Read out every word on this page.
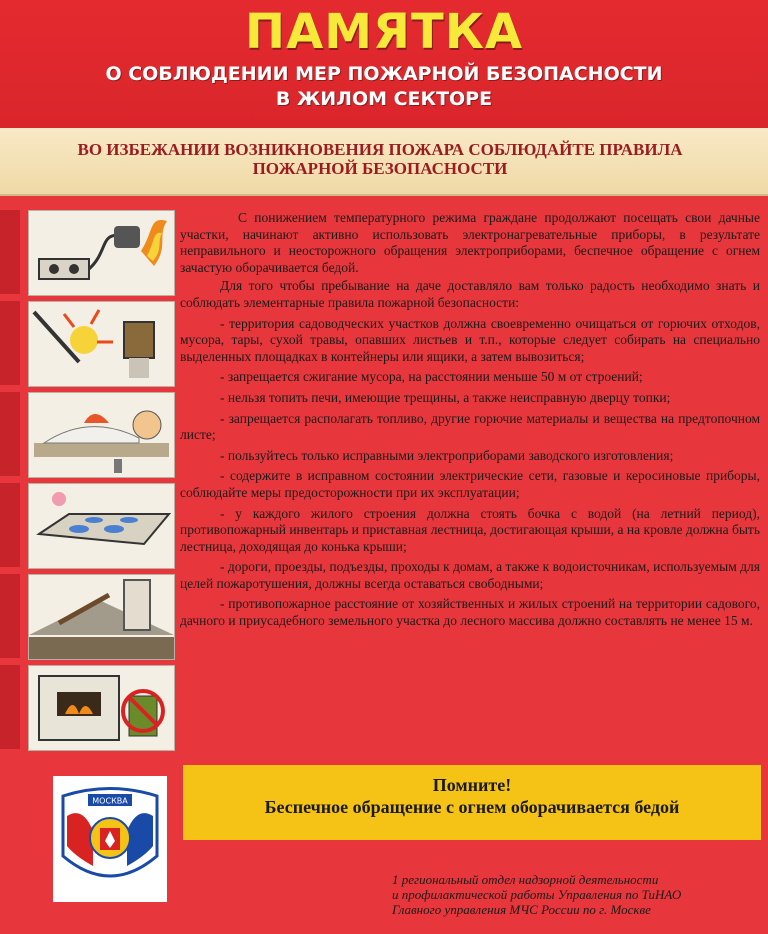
ПАМЯТКА
О СОБЛЮДЕНИИ МЕР ПОЖАРНОЙ БЕЗОПАСНОСТИ
В ЖИЛОМ СЕКТОРЕ
ВО ИЗБЕЖАНИИ ВОЗНИКНОВЕНИЯ ПОЖАРА СОБЛЮДАЙТЕ ПРАВИЛА
ПОЖАРНОЙ БЕЗОПАСНОСТИ

С понижением температурного режима граждане продолжают посещать свои дачные участки, начинают активно использовать электронагревательные приборы, в результате неправильного и неосторожного обращения электроприборами, беспечное обращение с огнем зачастую оборачивается бедой.

Для того чтобы пребывание на даче доставляло вам только радость необходимо знать и соблюдать элементарные правила пожарной безопасности:

- территория садоводческих участков должна своевременно очищаться от горючих отходов, мусора, тары, сухой травы, опавших листьев и т.п., которые следует собирать на специально выделенных площадках в контейнеры или ящики, а затем вывозиться;

- запрещается сжигание мусора, на расстоянии меньше 50 м от строений;

- нельзя топить печи, имеющие трещины, а также неисправную дверцу топки;

- запрещается располагать топливо, другие горючие материалы и вещества на предтопочном листе;

- пользуйтесь только исправными электроприборами заводского изготовления;

- содержите в исправном состоянии электрические сети, газовые и керосиновые приборы, соблюдайте меры предосторожности при их эксплуатации;

- у каждого жилого строения должна стоять бочка с водой (на летний период), противопожарный инвентарь и приставная лестница, достигающая крыши, а на кровле должна быть лестница, доходящая до конька крыши;

- дороги, проезды, подъезды, проходы к домам, а также к водоисточникам, используемым для целей пожаротушения, должны всегда оставаться свободными;

- противопожарное расстояние от хозяйственных и жилых строений на территории садового, дачного и приусадебного земельного участка до лесного массива должно составлять не менее 15 м.

Помните!
Беспечное обращение с огнем оборачивается бедой
МОСКВА
1 региональный отдел надзорной деятельности
и профилактической работы Управления по ТиНАО
Главного управления МЧС России по г. Москве
